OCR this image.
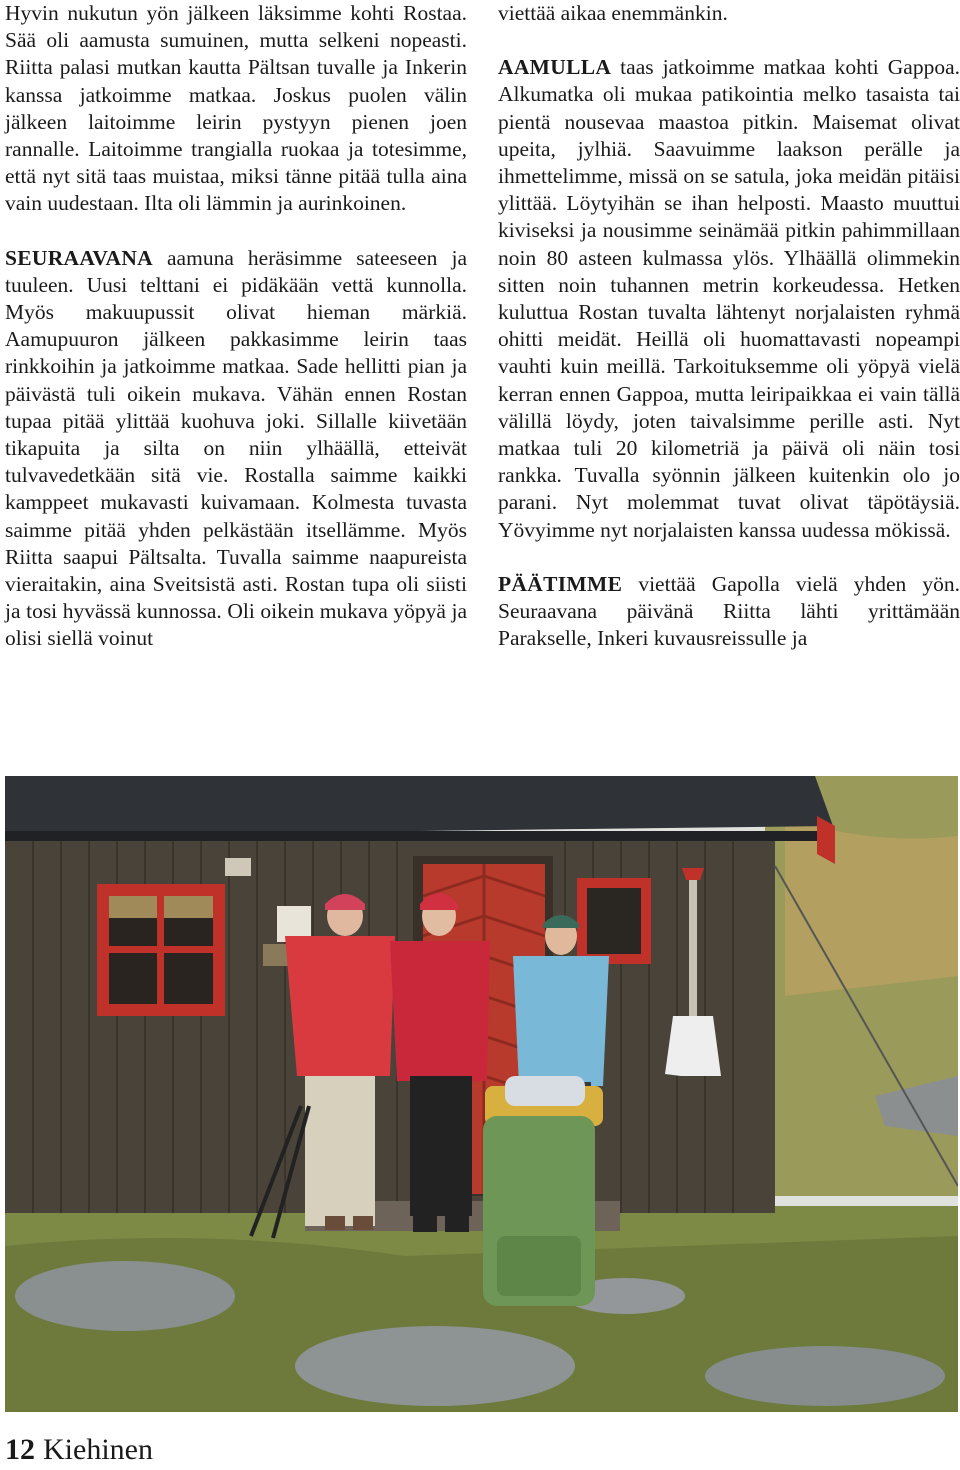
Hyvin nukutun yön jälkeen läksimme kohti Rostaa. Sää oli aamusta sumuinen, mutta selkeni nopeasti. Riitta palasi mutkan kautta Pältsan tuvalle ja Inkerin kanssa jatkoimme matkaa. Joskus puolen välin jälkeen laitoimme leirin pystyyn pienen joen rannalle. Laitoimme trangialla ruokaa ja totesimme, että nyt sitä taas muistaa, miksi tänne pitää tulla aina vain uudestaan. Ilta oli lämmin ja aurinkoinen.

SEURAAVANA aamuna heräsimme sateeseen ja tuuleen. Uusi telttani ei pidäkään vettä kunnolla. Myös makuupussit olivat hieman märkiä. Aamupuuron jälkeen pakkasimme leirin taas rinkkoihin ja jatkoimme matkaa. Sade hellitti pian ja päivästä tuli oikein mukava. Vähän ennen Rostan tupaa pitää ylittää kuohuva joki. Sillalle kiivetään tikapuita ja silta on niin ylhäällä, etteivät tulvavedetkään sitä vie. Rostalla saimme kaikki kamppeet mukavasti kuivamaan. Kolmesta tuvasta saimme pitää yhden pelkästään itsellämme. Myös Riitta saapui Pältsalta. Tuvalla saimme naapureista vieraitakin, aina Sveitsistä asti. Rostan tupa oli siisti ja tosi hyvässä kunnossa. Oli oikein mukava yöpyä ja olisi siellä voinut

viettää aikaa enemmänkin.

AAMULLA taas jatkoimme matkaa kohti Gappoa. Alkumatka oli mukaa patikointia melko tasaista tai pientä nousevaa maastoa pitkin. Maisemat olivat upeita, jylhiä. Saavuimme laakson perälle ja ihmettelimme, missä on se satula, joka meidän pitäisi ylittää. Löytyihän se ihan helposti. Maasto muuttui kiviseksi ja nousimme seinämää pitkin pahimmillaan noin 80 asteen kulmassa ylös. Ylhäällä olimmekin sitten noin tuhannen metrin korkeudessa. Hetken kuluttua Rostan tuvalta lähtenyt norjalaisten ryhmä ohitti meidät. Heillä oli huomattavasti nopeampi vauhti kuin meillä. Tarkoituksemme oli yöpyä vielä kerran ennen Gappoa, mutta leiripaikkaa ei vain tällä välillä löydy, joten taivalsimme perille asti. Nyt matkaa tuli 20 kilometriä ja päivä oli näin tosi rankka. Tuvalla syönnin jälkeen kuitenkin olo jo parani. Nyt molemmat tuvat olivat täpötäysiä. Yövyimme nyt norjalaisten kanssa uudessa mökissä.

PÄÄTIMME viettää Gapolla vielä yhden yön. Seuraavana päivänä Riitta lähti yrittämään Parakselle, Inkeri kuvausreissulle ja

12 Kiehinen
